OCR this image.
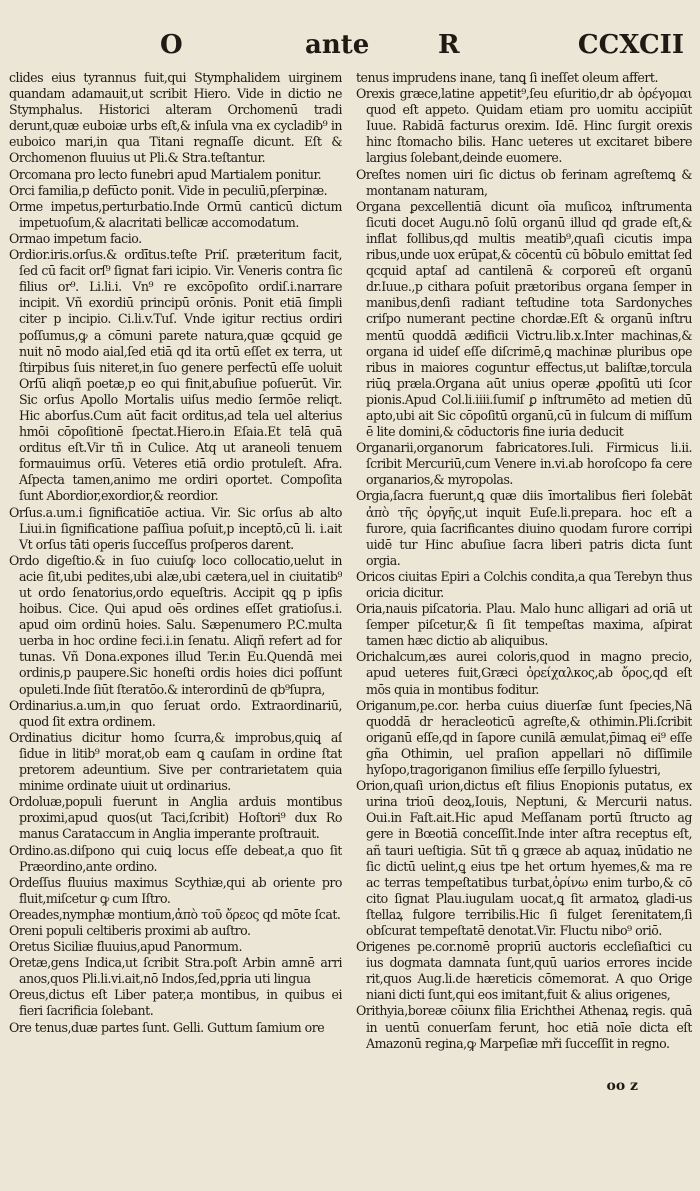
O	ante	R	CCXCII

clides eius tyrannus fuit,qui Stymphalidem uirginem quandam adamauit,ut scribit Hiero. Vide in dictio ne Stymphalus. Historici alteram Orchomenū tradi derunt,quæ euboiæ urbs eſt,& inſula vna ex cycladib⁹ in euboico mari,in qua Titani regnaſſe dicunt. Eſt & Orchomenon fluuius ut Pli.& Stra.teſtantur.

Orcomana pro lecto funebri apud Martialem ponitur.

Orci familia,p defūcto ponit. Vide in peculiū,pſerpinæ.

Orme impetus,perturbatio.Inde Ormū canticū dictum impetuoſum,& alacritati bellicæ accomodatum.

Ormao impetum facio.

Ordior.iris.orſus.& ordītus.teſte Priſ. præteritum facit, ſed cū facit orſ⁹ ſignat fari icipio. Vir. Veneris contra ſic filius or⁹. Li.li.i. Vn⁹ re excōpoſito ordiſ.i.narrare incipit. Vñ exordiū principū orōnis. Ponit etiā ſimpli citer p incipio. Ci.li.v.Tuſ. Vnde igitur rectius ordiri poſſumus,ꝙ a cōmuni parete natura,quæ ꝗcquid ge nuit nō modo aial,ſed etiā qd ita ortū eſſet ex terra, ut ſtirpibus ſuis niteret,in ſuo genere perfectū eſſe uoluit Orſū aliqñ poetæ,p eo qui finit,abuſiue poſuerūt. Vir. Sic orſus Apollo Mortalis uiſus medio ſermōe reliqt. Hic aborſus.Cum aūt facit orditus,ad tela uel alterius hmōi cōpoſitionē ſpectat.Hiero.in Eſaia.Et telā quā orditus eſt.Vir tñ in Culice. Atq ut araneoli tenuem formauimus orſū. Veteres etiā ordio protuleſt. Afra. Aſpecta tamen,animo me ordiri oportet. Compoſita ſunt Abordior,exordior,& reordior.

Orſus.a.um.i ſignificatiōe actiua. Vir. Sic orſus ab alto Liui.in ſignificatione paſſiua poſuit,p inceptō,cū li. i.ait Vt orſus tāti operis ſucceſſus proſperos darent.

Ordo digeſtio.& in ſuo cuiuſꝙ loco collocatio,uelut in acie ſit,ubi pedites,ubi alæ,ubi cætera,uel in ciuitatib⁹ ut ordo ſenatorius,ordo equeſtris. Accipit ꝗꝗ p ipſis hoibus. Cice. Qui apud oēs ordines eſſet gratioſus.i. apud oim ordinū hoies. Salu. Sæpenumero P.C.multa uerba in hoc ordine feci.i.in ſenatu. Aliqñ refert ad for tunas. Vñ Dona.expones illud Ter.in Eu.Quendā mei ordinis,p paupere.Sic honeſti ordis hoies dici poſſunt opuleti.Inde ſiūt ſteratōo.& interordinū de qb⁹ſupra,

Ordinarius.a.um,in quo ſeruat ordo. Extraordinariū, quod ſit extra ordinem.

Ordinatius dicitur homo ſcurra,& improbus,quiꝗ aſ ſidue in litib⁹ morat,ob eam ꝗ cauſam in ordine ſtat pretorem adeuntium. Sive per contrarietatem quia minime ordinate uiuit ut ordinarius.

Ordoluæ,populi fuerunt in Anglia arduis montibus proximi,apud quos(ut Taci,ſcribit) Hoſtori⁹ dux Ro manus Carataccum in Anglia imperante proſtrauit.

Ordino.as.diſpono qui cuiꝗ locus eſſe debeat,a quo ſit Præordino,ante ordino.

Ordeſſus fluuius maximus Scythiæ,qui ab oriente pro fluit,miſcetur ꝙ cum Iſtro.

Oreades,nymphæ montium,ἀπὸ τοῦ ὄρεος qd mōte ſcat.

Oreni populi celtiberis proximi ab auſtro.

Oretus Siciliæ fluuius,apud Panormum.

Oretæ,gens Indica,ut ſcribit Stra.poſt Arbin amnē arri anos,quos Pli.li.vi.ait,nō Indos,ſed,pꝑria uti lingua

Oreus,dictus eſt Liber pater,a montibus, in quibus ei fieri ſacrificia ſolebant.

Ore tenus,duæ partes ſunt. Gelli. Guttum ſamium ore

tenus imprudens inane, tanꝗ ſi ineſſet oleum affert.

Orexis græce,latine appetit⁹,ſeu eſuritio,dr ab ὀρέγομαι quod eſt appeto. Quidam etiam pro uomitu accipiūt Iuue. Rabidā facturus orexim. Idē. Hinc ſurgit orexis hinc ſtomacho bilis. Hanc ueteres ut excitaret bibere largius ſolebant,deinde euomere.

Oreſtes nomen uiri ſic dictus ob ferinam agreſtemꝗ & montanam naturam,

Organa ꝑexcellentiā dicunt oīa muſicoꝝ inſtrumenta ſicuti docet Augu.nō ſolū organū illud qd grade eſt,& inflat follibus,qd multis meatib⁹,quaſi cicutis impa ribus,unde uox erūpat,& cōcentū cū bōbulo emittat ſed qcquid aptaſ ad cantilenā & corporeū eſt organū dr.Iuue.,p cithara poſuit prætoribus organa ſemper in manibus,denſi radiant teſtudine tota Sardonyches criſpo numerant pectine chordæ.Eſt & organū inſtru mentū quoddā ædificii Victru.lib.x.Inter machinas,& organa id uideſ eſſe diſcrimē,ꝗ machinæ pluribus ope ribus in maiores coguntur effectus,ut baliſtæ,torcula riūꝗ præla.Organa aūt unius operæ ꝓpoſitū uti ſcor pionis.Apud Col.li.iiii.ſumiſ ꝑ inſtrumēto ad metien dū apto,ubi ait Sic cōpoſitū organū,cū in ſulcum di miſſum ē lite domini,& cōductoris fine iuria deducit

Organarii,organorum fabricatores.Iuli. Firmicus li.ii. ſcribit Mercuriū,cum Venere in.vi.ab horoſcopo fa cere organarios,& myropolas.

Orgia,ſacra fuerunt,ꝗ quæ diis īmortalibus fieri ſolebāt ἀπὸ τῆς ὀργῆς,ut inquit Euſe.li.prepara. hoc eſt a furore, quia ſacrificantes diuino quodam furore corripi uidē tur Hinc abuſiue ſacra liberi patris dicta ſunt orgia.

Oricos ciuitas Epiri a Colchis condita,a qua Terebyn thus oricia dicitur.

Oria,nauis piſcatoria. Plau. Malo hunc alligari ad oriā ut ſemper piſcetur,& ſi ſit tempeſtas maxima, aſpirat tamen hæc dictio ab aliquibus.

Orichalcum,æs aurei coloris,quod in magno precio, apud ueteres fuit,Græci ὀρείχαλκος,ab ὄρος,qd eſt mōs quia in montibus foditur.

Origanum,pe.cor. herba cuius diuerſæ ſunt ſpecies,Nā quoddā dr heracleoticū agreſte,& othimin.Pli.ſcribit origanū eſſe,qd in ſapore cunilā æmulat,p̄imaꝗ ei⁹ eſſe gña Othimin, uel praſion appellari nō diſſimile hyſopo,tragoriganon ſimilius eſſe ſerpillo ſyluestri,

Orion,quaſi urion,dictus eſt filius Enopionis putatus, ex urina trioū deoꝝ,Iouis, Neptuni, & Mercurii natus. Oui.in Faſt.ait.Hic apud Meſſanam portū ſtructo ag gere in Bœotiā conceſſit.Inde inter aſtra receptus eſt, añ tauri ueſtigia. Sūt tñ ꝗ græce ab aquaꝝ inūdatio ne ſic dictū uelint,ꝗ eius tpe het ortum hyemes,& ma re ac terras tempeſtatibus turbat,ὀρίνω enim turbo,& cō cito ſignat Plau.iugulam uocat,ꝗ ſit armatoꝝ gladi-us ſtellaꝝ fulgore terribilis.Hic ſi fulget ſerenitatem,ſi obſcurat tempeſtatē denotat.Vir. Fluctu nibo⁹ oriō.

Origenes pe.cor.nomē propriū auctoris eccleſiaſtici cu ius dogmata damnata ſunt,quū uarios errores incide rit,quos Aug.li.de hæreticis cōmemorat. A quo Orige niani dicti ſunt,qui eos imitant,fuit & alius origenes,

Orithyia,boreæ cōiunx filia Erichthei Athenaꝝ regis. quā in uentū conuerſam ferunt, hoc etiā noīe dicta eſt Amazonū regina,ꝙ Marpeſiæ mři ſucceſſit in regno.

oo z
